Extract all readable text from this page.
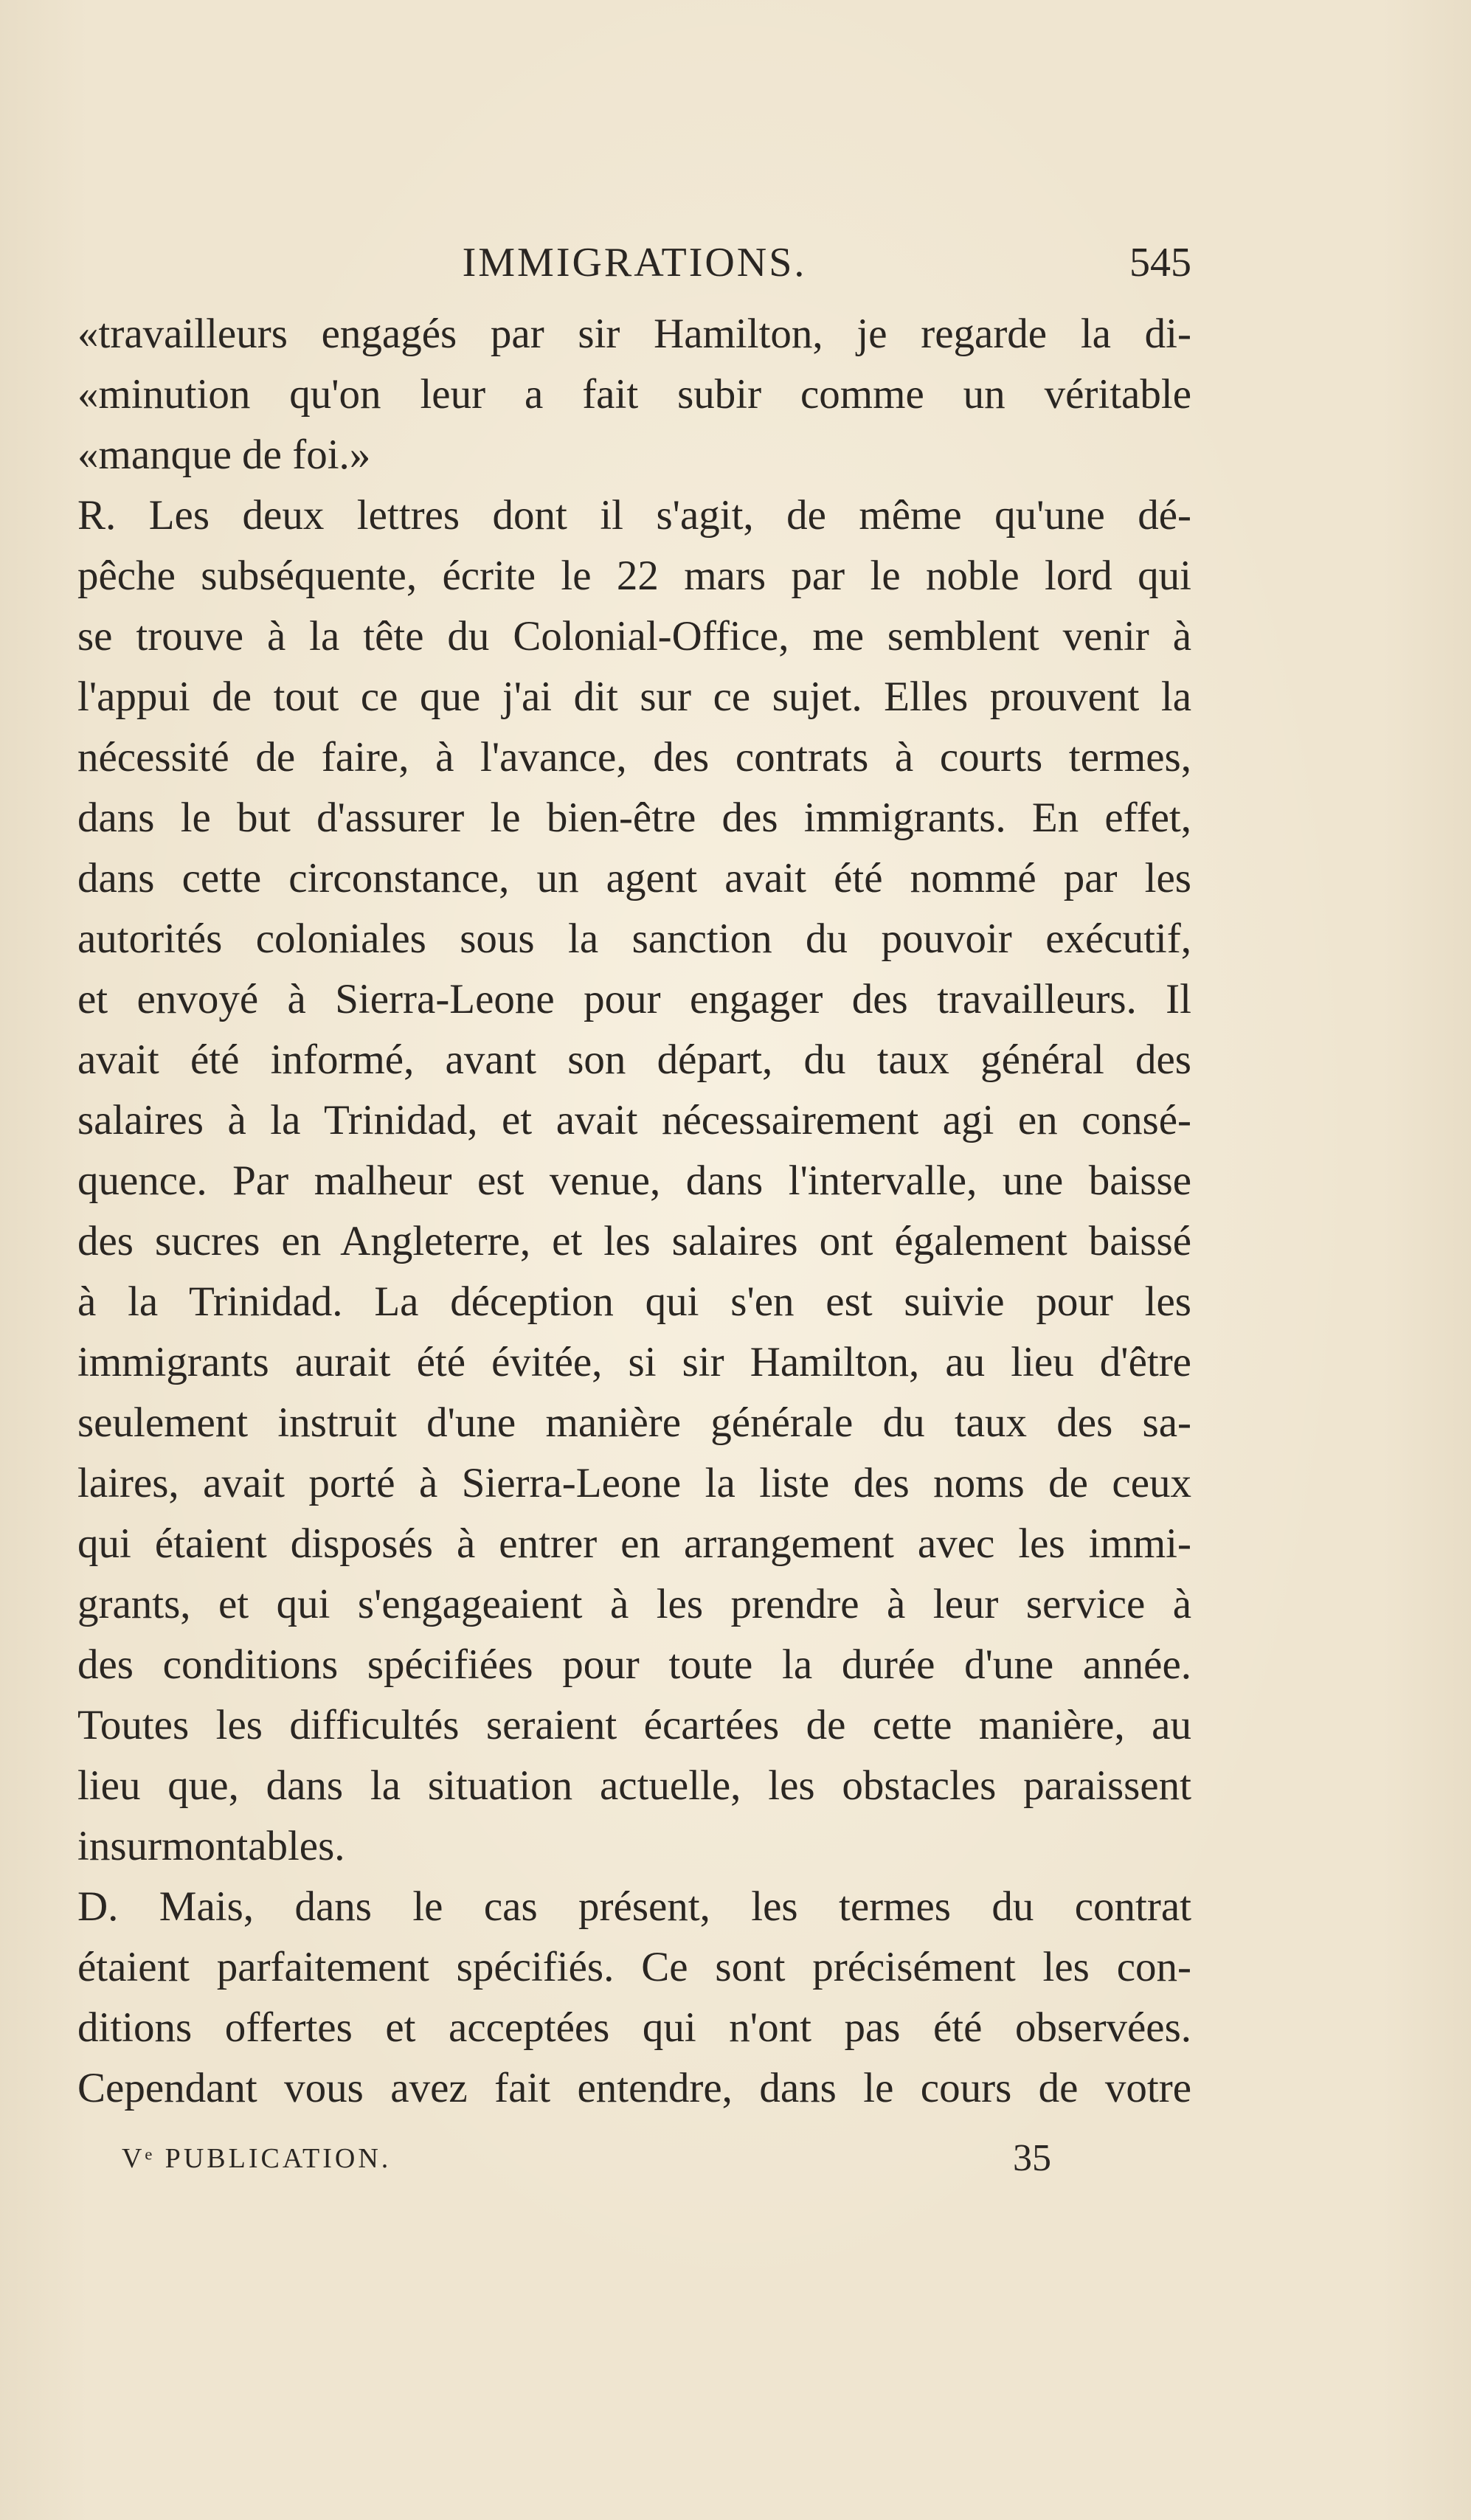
IMMIGRATIONS.	545
«travailleurs engagés par sir Hamilton, je regarde la di-
«minution qu'on leur a fait subir comme un véritable
«manque de foi.»
R. Les deux lettres dont il s'agit, de même qu'une dé-
pêche subséquente, écrite le 22 mars par le noble lord qui
se trouve à la tête du Colonial-Office, me semblent venir à
l'appui de tout ce que j'ai dit sur ce sujet. Elles prouvent la
nécessité de faire, à l'avance, des contrats à courts termes,
dans le but d'assurer le bien-être des immigrants. En effet,
dans cette circonstance, un agent avait été nommé par les
autorités coloniales sous la sanction du pouvoir exécutif,
et envoyé à Sierra-Leone pour engager des travailleurs. Il
avait été informé, avant son départ, du taux général des
salaires à la Trinidad, et avait nécessairement agi en consé-
quence. Par malheur est venue, dans l'intervalle, une baisse
des sucres en Angleterre, et les salaires ont également baissé
à la Trinidad. La déception qui s'en est suivie pour les
immigrants aurait été évitée, si sir Hamilton, au lieu d'être
seulement instruit d'une manière générale du taux des sa-
laires, avait porté à Sierra-Leone la liste des noms de ceux
qui étaient disposés à entrer en arrangement avec les immi-
grants, et qui s'engageaient à les prendre à leur service à
des conditions spécifiées pour toute la durée d'une année.
Toutes les difficultés seraient écartées de cette manière, au
lieu que, dans la situation actuelle, les obstacles paraissent
insurmontables.
D. Mais, dans le cas présent, les termes du contrat
étaient parfaitement spécifiés. Ce sont précisément les con-
ditions offertes et acceptées qui n'ont pas été observées.
Cependant vous avez fait entendre, dans le cours de votre
Vᵉ PUBLICATION.	35
